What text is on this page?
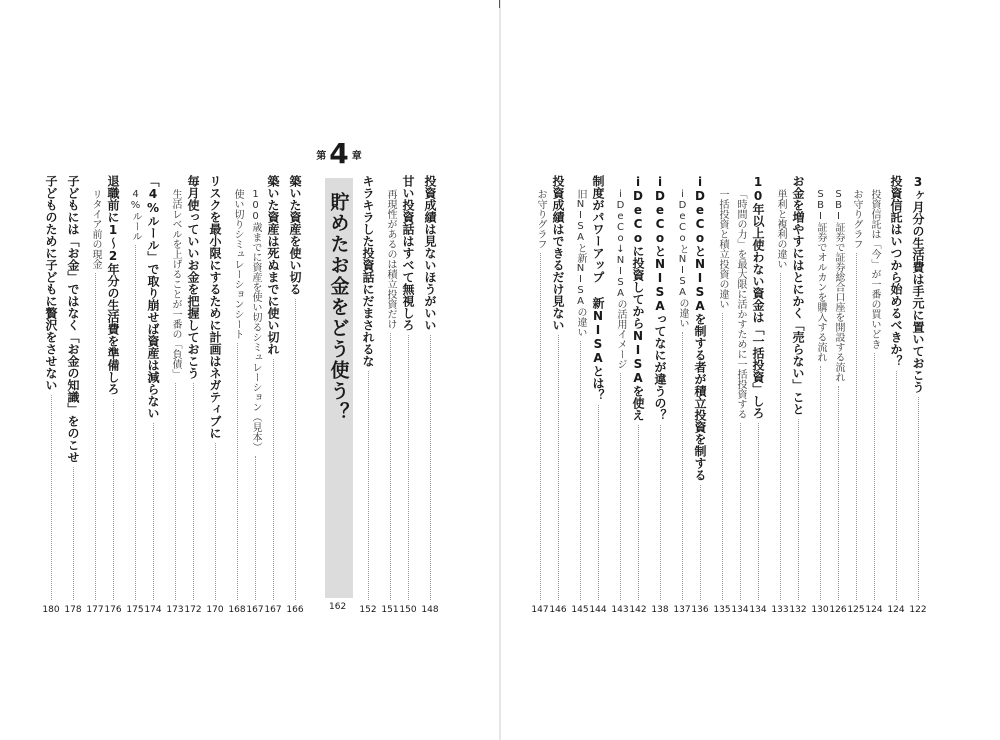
第 4 章
貯めたお金をどう使う？
162
3ヶ月分の生活費は手元に置いておこう
122
投資信託はいつから始めるべきか？
124
投資信託は「今」が一番の買いどき
124
お守りグラフ
125
SBI証券で証券総合口座を開設する流れ
126
SBI証券でオルカンを購入する流れ
130
お金を増やすにはとにかく「売らない」こと
132
単利と複利の違い
133
10年以上使わない資金は「一括投資」しろ
134
「時間の力」を最大限に活かすために一括投資する
134
一括投資と積立投資の違い
135
iDeCoとNISAを制する者が積立投資を制する
136
iDeCoとNISAの違い
137
iDeCoとNISAってなにが違うの？
138
iDeCoに投資してからNISAを使え
142
iDeCo↓NISAの活用イメージ
143
制度がパワーアップ 新NISAとは？
144
旧NISAと新NISAの違い
145
投資成績はできるだけ見ない
146
お守りグラフ
147
投資成績は見ないほうがいい
148
甘い投資話はすべて無視しろ
150
再現性があるのは積立投資だけ
151
キラキラした投資話にだまされるな
152
築いた資産を使い切る
166
築いた資産は死ぬまでに使い切れ
167
100歳までに資産を使い切るシミュレーション（見本）
167
使い切りシミュレーションシート
168
リスクを最小限にするために計画はネガティブに
170
毎月使っていいお金を把握しておこう
172
生活レベルを上げることが一番の「負債」
173
「4%ルール」で取り崩せば資産は減らない
174
4%ルール
175
退職前に1〜2年分の生活費を準備しろ
176
リタイア前の現金
177
子どもには「お金」ではなく「お金の知識」をのこせ
178
子どものために子どもに贅沢をさせない
180
